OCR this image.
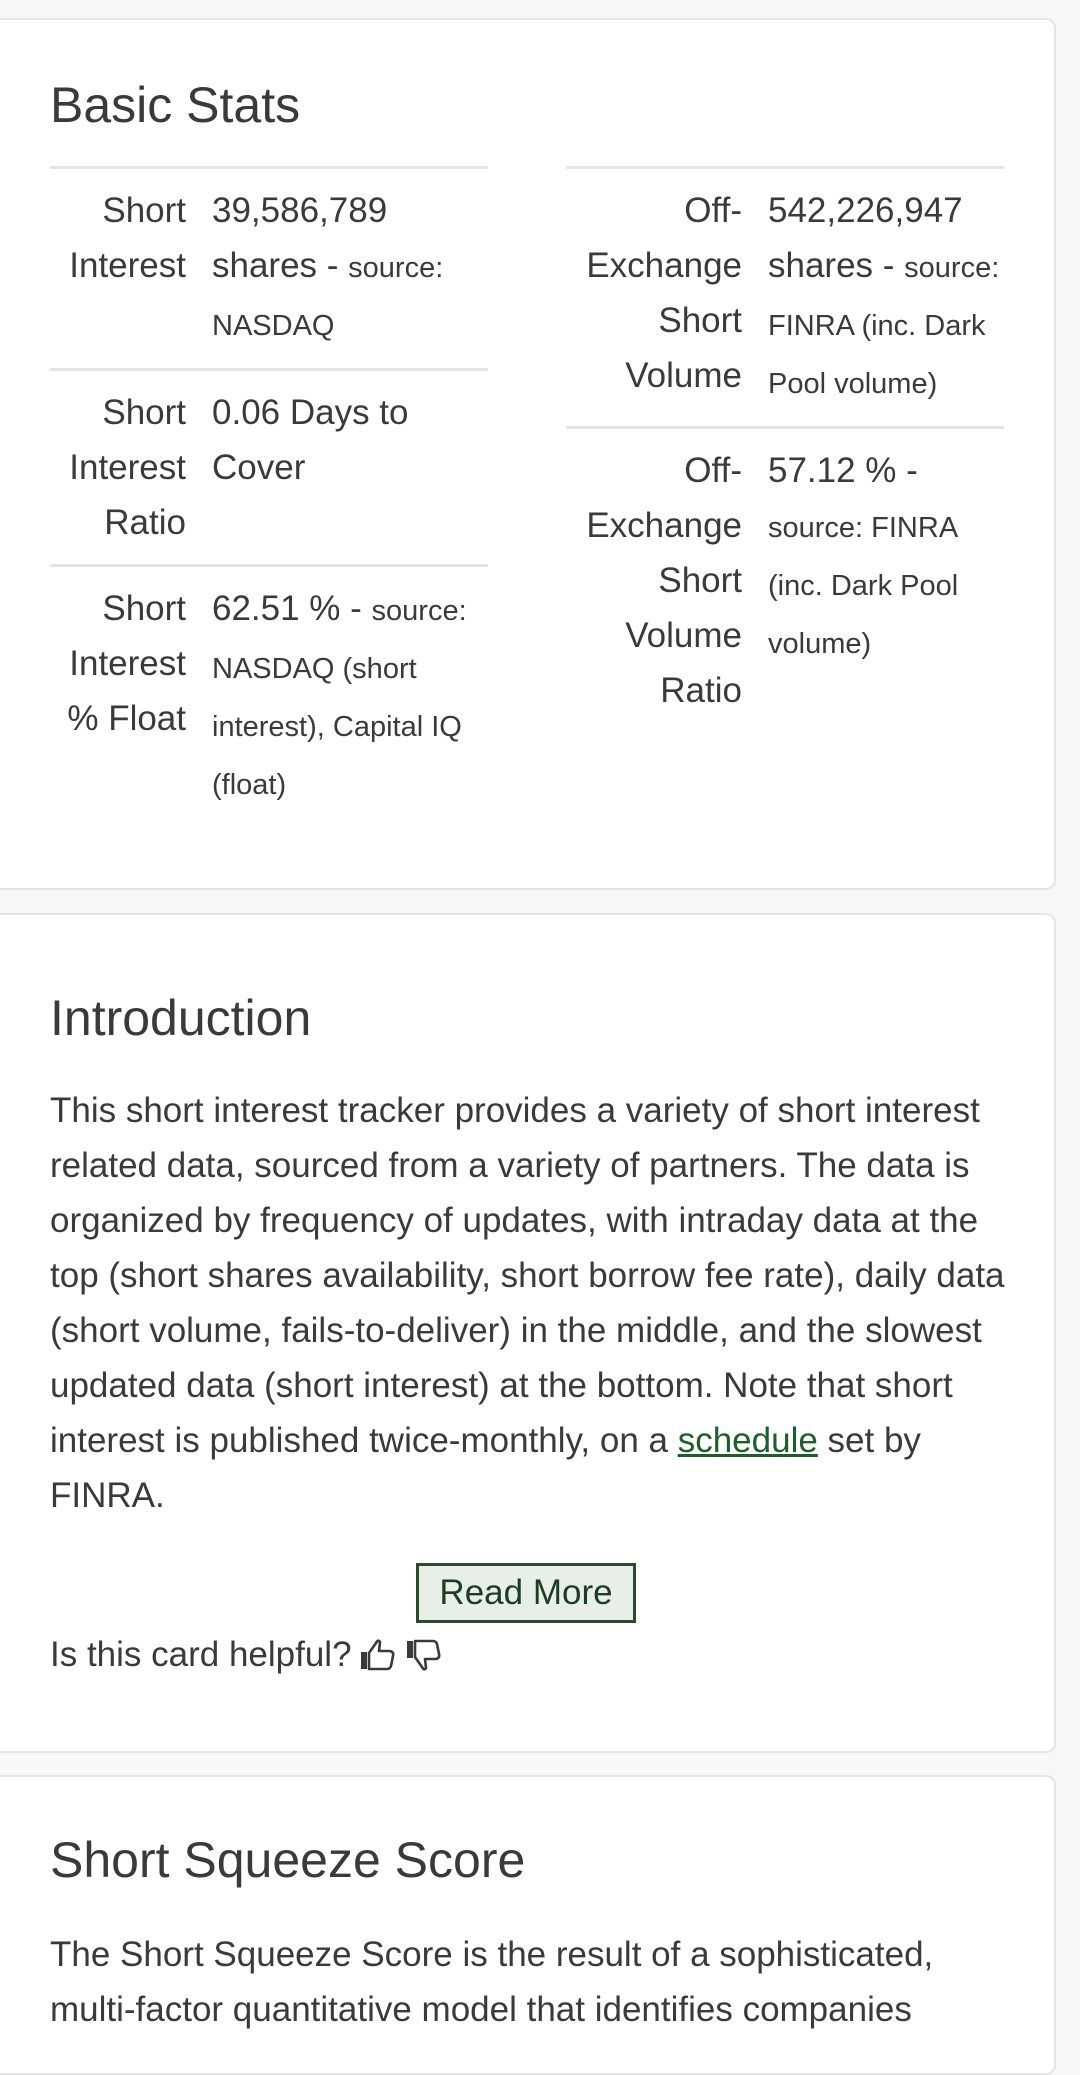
Basic Stats
Short Interest
39,586,789 shares - source: NASDAQ
Short Interest Ratio
0.06 Days to Cover
Short Interest % Float
62.51 % - source: NASDAQ (short interest), Capital IQ (float)
Off-Exchange Short Volume
542,226,947 shares - source: FINRA (inc. Dark Pool volume)
Off-Exchange Short Volume Ratio
57.12 % - source: FINRA (inc. Dark Pool volume)
Introduction

This short interest tracker provides a variety of short interest related data, sourced from a variety of partners. The data is organized by frequency of updates, with intraday data at the top (short shares availability, short borrow fee rate), daily data (short volume, fails-to-deliver) in the middle, and the slowest updated data (short interest) at the bottom. Note that short interest is published twice-monthly, on a schedule set by FINRA.

Read More
Is this card helpful?
Short Squeeze Score

The Short Squeeze Score is the result of a sophisticated, multi-factor quantitative model that identifies companies
